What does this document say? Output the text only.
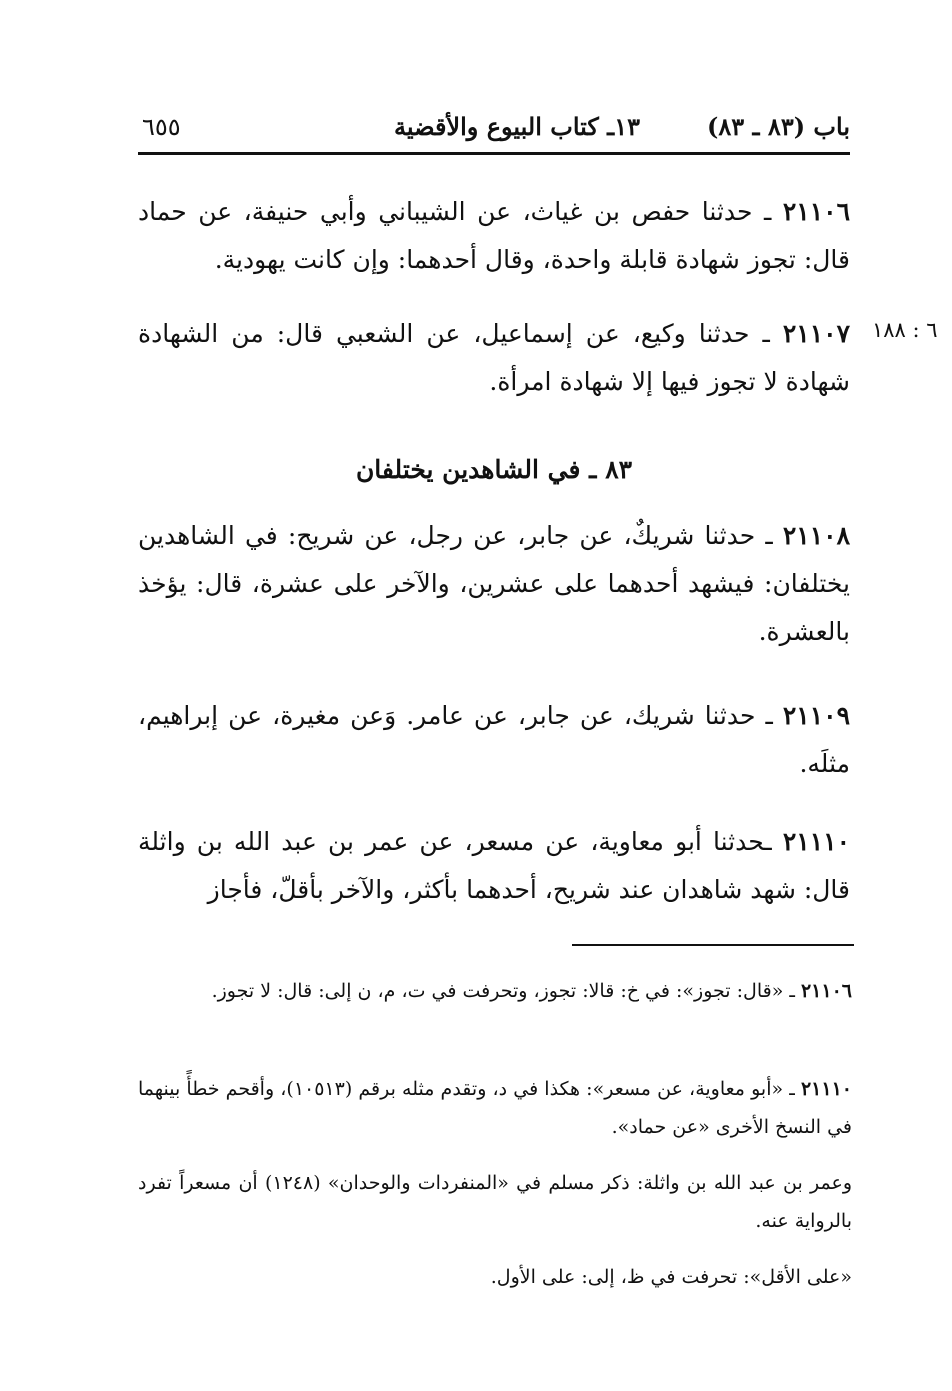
باب (٨٣ ـ ٨٣)
١٣ـ كتاب البيوع والأقضية
٦٥٥
٦ : ١٨٨
٢١١٠٦ ـ حدثنا حفص بن غياث، عن الشيباني وأبي حنيفة، عن حماد قال: تجوز شهادة قابلة واحدة، وقال أحدهما: وإن كانت يهودية.
٢١١٠٧ ـ حدثنا وكيع، عن إسماعيل، عن الشعبي قال: من الشهادة شهادة لا تجوز فيها إلا شهادة امرأة.
٨٣ ـ في الشاهدين يختلفان
٢١١٠٨ ـ حدثنا شريكٌ، عن جابر، عن رجل، عن شريح: في الشاهدين يختلفان: فيشهد أحدهما على عشرين، والآخر على عشرة، قال: يؤخذ بالعشرة.
٢١١٠٩ ـ حدثنا شريك، عن جابر، عن عامر. وَعن مغيرة، عن إبراهيم، مثلَه.
٢١١١٠ ـحدثنا أبو معاوية، عن مسعر، عن عمر بن عبد الله بن واثلة قال: شهد شاهدان عند شريح، أحدهما بأكثر، والآخر بأقلّ، فأجاز
٢١١٠٦ ـ «قال: تجوز»: في خ: قالا: تجوز، وتحرفت في ت، م، ن إلى: قال: لا تجوز.
٢١١١٠ ـ «أبو معاوية، عن مسعر»: هكذا في د، وتقدم مثله برقم (١٠٥١٣)، وأقحم خطأً بينهما في النسخ الأخرى «عن حماد».
وعمر بن عبد الله بن واثلة: ذكر مسلم في «المنفردات والوحدان» (١٢٤٨) أن مسعراً تفرد بالرواية عنه.
«على الأقل»: تحرفت في ظ، إلى: على الأول.
